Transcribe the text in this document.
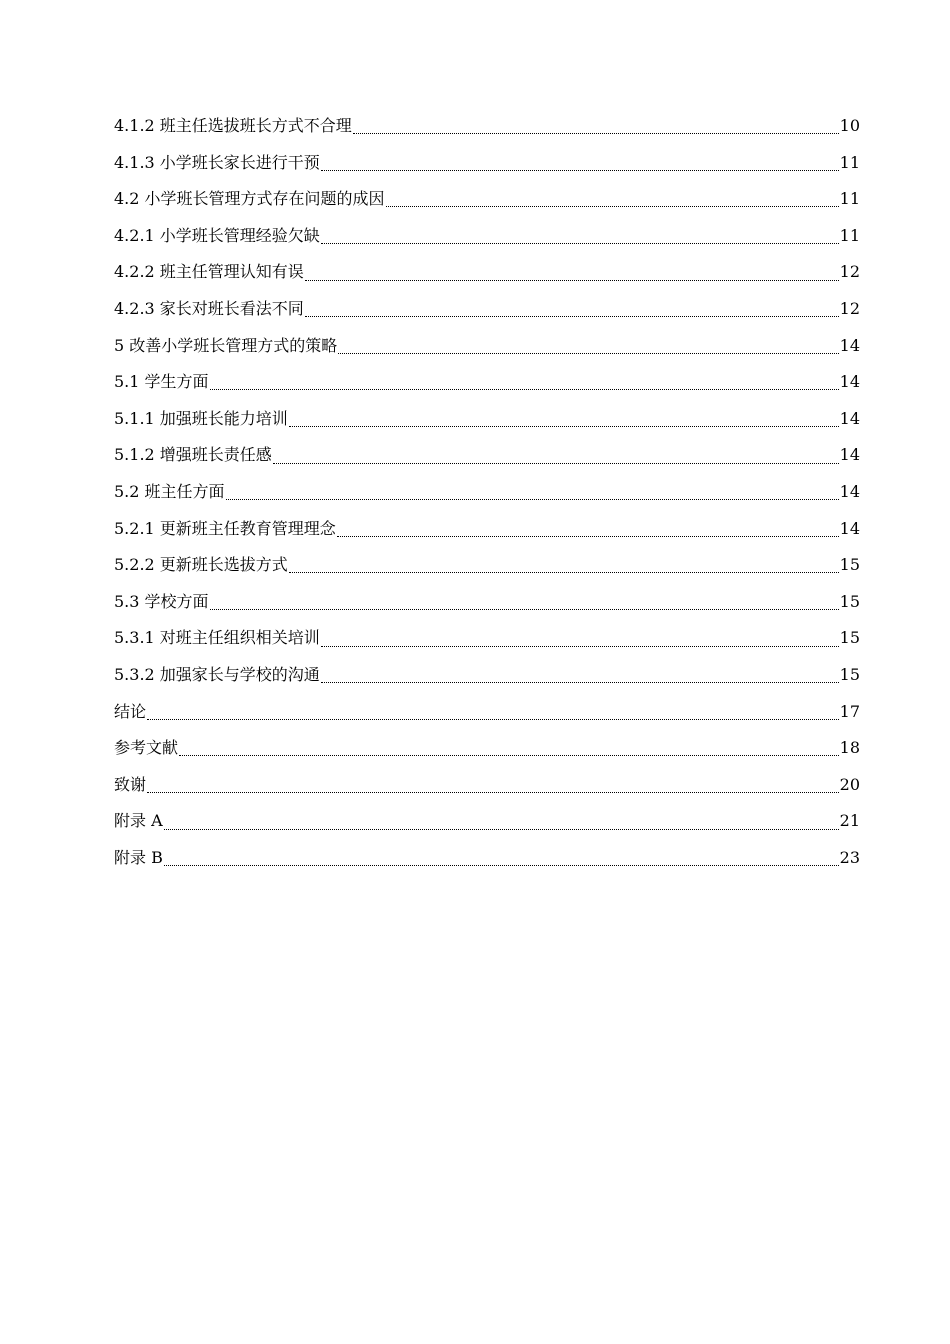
4.1.2 班主任选拔班长方式不合理	10
4.1.3 小学班长家长进行干预	11
4.2 小学班长管理方式存在问题的成因	11
4.2.1 小学班长管理经验欠缺	11
4.2.2 班主任管理认知有误	12
4.2.3 家长对班长看法不同	12
5 改善小学班长管理方式的策略	14
5.1 学生方面	14
5.1.1 加强班长能力培训	14
5.1.2 增强班长责任感	14
5.2 班主任方面	14
5.2.1 更新班主任教育管理理念	14
5.2.2 更新班长选拔方式	15
5.3 学校方面	15
5.3.1 对班主任组织相关培训	15
5.3.2 加强家长与学校的沟通	15
结论	17
参考文献	18
致谢	20
附录 A	21
附录 B	23
